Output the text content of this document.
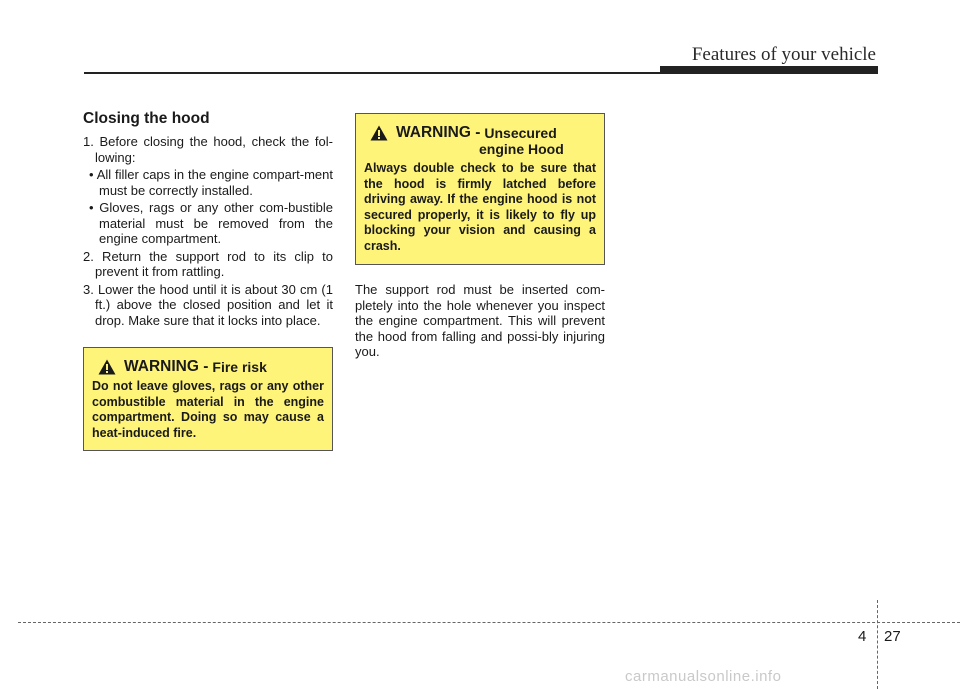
Features of your vehicle
Closing the hood

1. Before closing the hood, check the fol-lowing:

• All filler caps in the engine compart-ment must be correctly installed.

• Gloves, rags or any other com-bustible material must be removed from the engine compartment.

2. Return the support rod to its clip to prevent it from rattling.

3. Lower the hood until it is about 30 cm (1 ft.) above the closed position and let it drop. Make sure that it locks into place.

WARNING - Fire risk
Do not leave gloves, rags or any other combustible material in the engine compartment. Doing so may cause a heat-induced fire.
WARNING - Unsecured
engine Hood
Always double check to be sure that the hood is firmly latched before driving away. If the engine hood is not secured properly, it is likely to fly up blocking your vision and causing a crash.
The support rod must be inserted com-pletely into the hole whenever you inspect the engine compartment. This will prevent the hood from falling and possi-bly injuring you.
4 27
carmanualsonline.info
